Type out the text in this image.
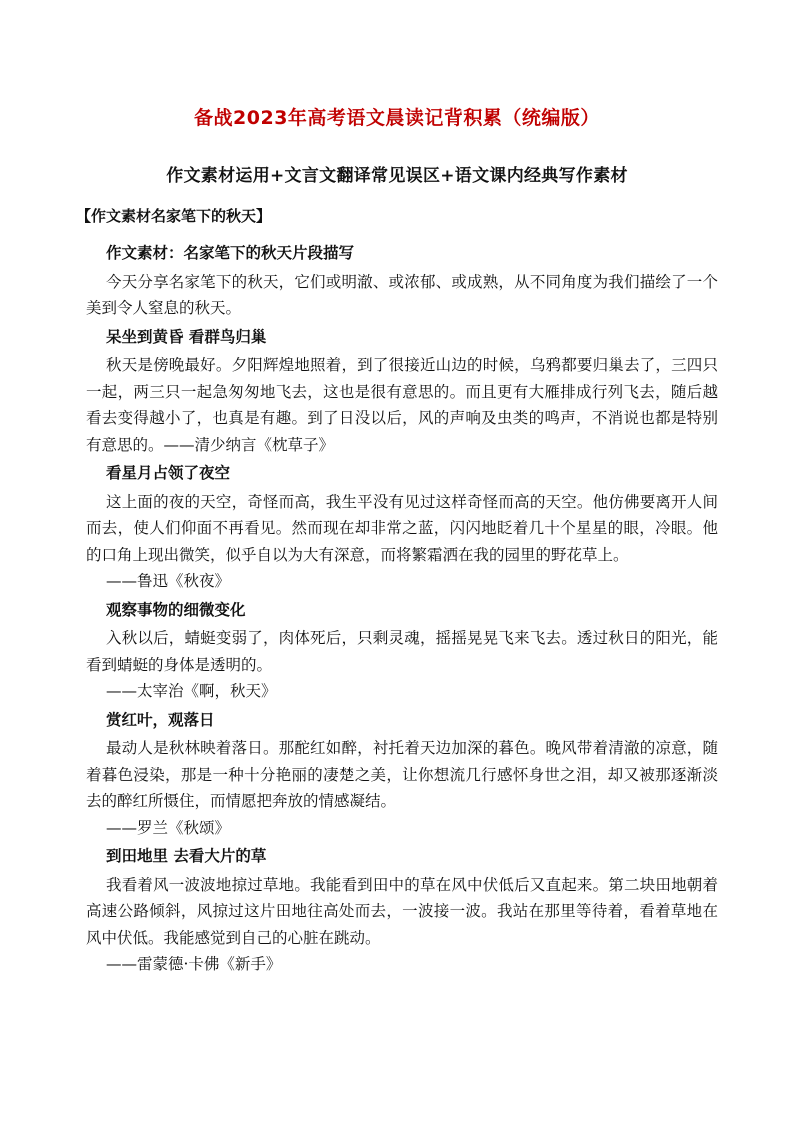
备战2023年高考语文晨读记背积累（统编版）
作文素材运用+文言文翻译常见误区+语文课内经典写作素材
【作文素材名家笔下的秋天】
作文素材：名家笔下的秋天片段描写

今天分享名家笔下的秋天，它们或明澈、或浓郁、或成熟，从不同角度为我们描绘了一个美到令人窒息的秋天。

呆坐到黄昏 看群鸟归巢

秋天是傍晚最好。夕阳辉煌地照着，到了很接近山边的时候，乌鸦都要归巢去了，三四只一起，两三只一起急匆匆地飞去，这也是很有意思的。而且更有大雁排成行列飞去，随后越看去变得越小了，也真是有趣。到了日没以后，风的声响及虫类的鸣声，不消说也都是特别有意思的。——清少纳言《枕草子》

看星月占领了夜空

这上面的夜的天空，奇怪而高，我生平没有见过这样奇怪而高的天空。他仿佛要离开人间而去，使人们仰面不再看见。然而现在却非常之蓝，闪闪地眨着几十个星星的眼，冷眼。他的口角上现出微笑，似乎自以为大有深意，而将繁霜洒在我的园里的野花草上。

——鲁迅《秋夜》
观察事物的细微变化

入秋以后，蜻蜓变弱了，肉体死后，只剩灵魂，摇摇晃晃飞来飞去。透过秋日的阳光，能看到蜻蜓的身体是透明的。

——太宰治《啊，秋天》
赏红叶，观落日

最动人是秋林映着落日。那酡红如醉，衬托着天边加深的暮色。晚风带着清澈的凉意，随着暮色浸染，那是一种十分艳丽的凄楚之美，让你想流几行感怀身世之泪，却又被那逐渐淡去的醉红所慑住，而情愿把奔放的情感凝结。

——罗兰《秋颂》
到田地里 去看大片的草

我看着风一波波地掠过草地。我能看到田中的草在风中伏低后又直起来。第二块田地朝着高速公路倾斜，风掠过这片田地往高处而去，一波接一波。我站在那里等待着，看着草地在风中伏低。我能感觉到自己的心脏在跳动。

——雷蒙德·卡佛《新手》
